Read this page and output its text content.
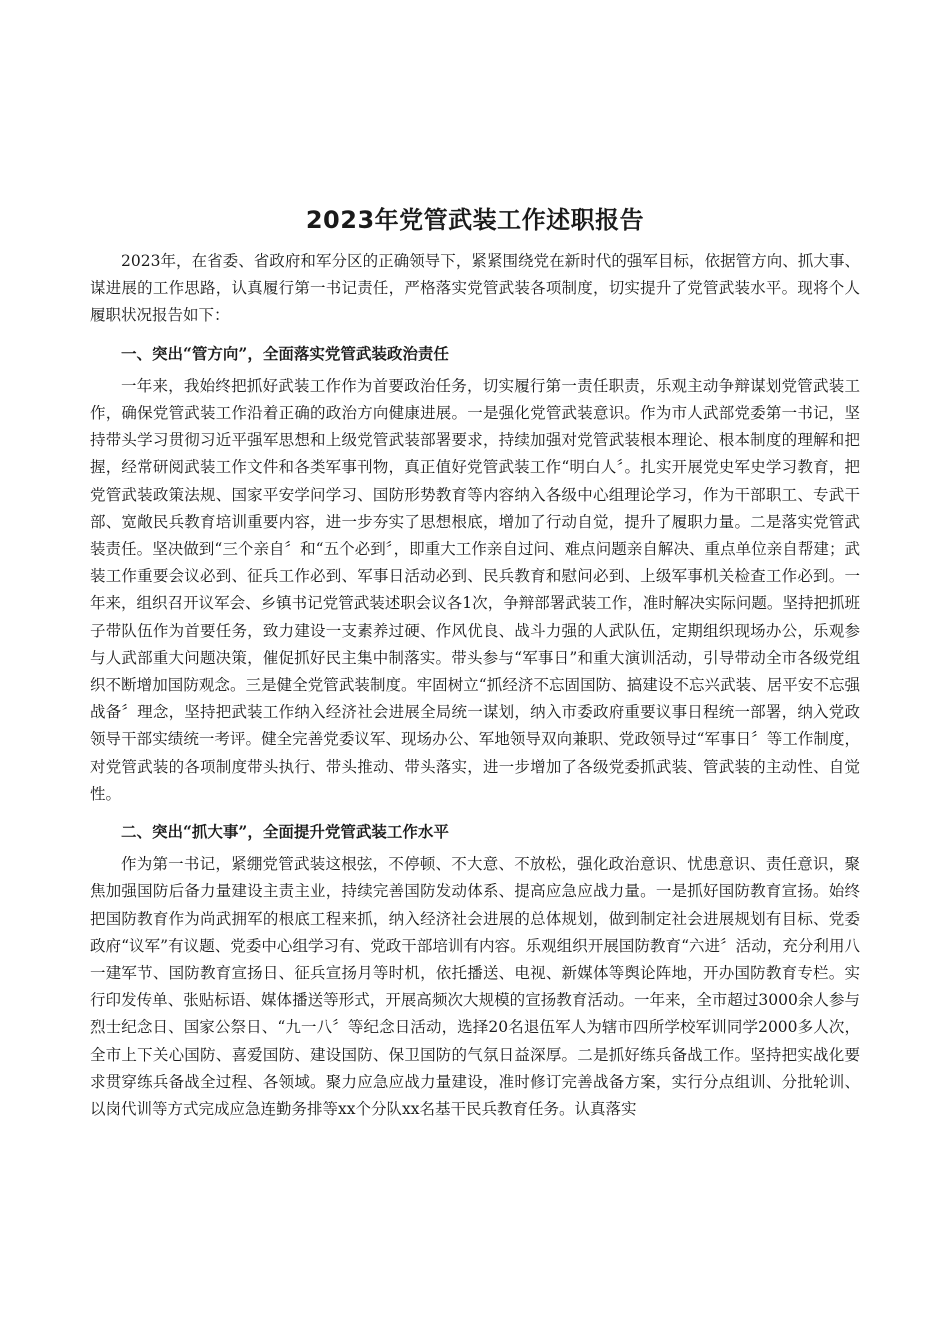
2023年党管武装工作述职报告

2023年，在省委、省政府和军分区的正确领导下，紧紧围绕党在新时代的强军目标，依据管方向、抓大事、谋进展的工作思路，认真履行第一书记责任，严格落实党管武装各项制度，切实提升了党管武装水平。现将个人履职状况报告如下：

一、突出“管方向”，全面落实党管武装政治责任

一年来，我始终把抓好武装工作作为首要政治任务，切实履行第一责任职责，乐观主动争辩谋划党管武装工作，确保党管武装工作沿着正确的政治方向健康进展。一是强化党管武装意识。作为市人武部党委第一书记，坚持带头学习贯彻习近平强军思想和上级党管武装部署要求，持续加强对党管武装根本理论、根本制度的理解和把握，经常研阅武装工作文件和各类军事刊物，真正值好党管武装工作“明白人〞。扎实开展党史军史学习教育，把党管武装政策法规、国家平安学问学习、国防形势教育等内容纳入各级中心组理论学习，作为干部职工、专武干部、宽敞民兵教育培训重要内容，进一步夯实了思想根底，增加了行动自觉，提升了履职力量。二是落实党管武装责任。坚决做到“三个亲自〞和“五个必到〞，即重大工作亲自过问、难点问题亲自解决、重点单位亲自帮建；武装工作重要会议必到、征兵工作必到、军事日活动必到、民兵教育和慰问必到、上级军事机关检查工作必到。一年来，组织召开议军会、乡镇书记党管武装述职会议各1次，争辩部署武装工作，准时解决实际问题。坚持把抓班子带队伍作为首要任务，致力建设一支素养过硬、作风优良、战斗力强的人武队伍，定期组织现场办公，乐观参与人武部重大问题决策，催促抓好民主集中制落实。带头参与“军事日”和重大演训活动，引导带动全市各级党组织不断增加国防观念。三是健全党管武装制度。牢固树立“抓经济不忘固国防、搞建设不忘兴武装、居平安不忘强战备〞理念，坚持把武装工作纳入经济社会进展全局统一谋划，纳入市委政府重要议事日程统一部署，纳入党政领导干部实绩统一考评。健全完善党委议军、现场办公、军地领导双向兼职、党政领导过“军事日〞等工作制度，对党管武装的各项制度带头执行、带头推动、带头落实，进一步增加了各级党委抓武装、管武装的主动性、自觉性。

二、突出“抓大事”，全面提升党管武装工作水平

作为第一书记，紧绷党管武装这根弦，不停顿、不大意、不放松，强化政治意识、忧患意识、责任意识，聚焦加强国防后备力量建设主责主业，持续完善国防发动体系、提高应急应战力量。一是抓好国防教育宣扬。始终把国防教育作为尚武拥军的根底工程来抓，纳入经济社会进展的总体规划，做到制定社会进展规划有目标、党委政府“议军”有议题、党委中心组学习有、党政干部培训有内容。乐观组织开展国防教育“六进〞活动，充分利用八一建军节、国防教育宣扬日、征兵宣扬月等时机，依托播送、电视、新媒体等舆论阵地，开办国防教育专栏。实行印发传单、张贴标语、媒体播送等形式，开展高频次大规模的宣扬教育活动。一年来，全市超过3000余人参与烈士纪念日、国家公祭日、“九一八〞等纪念日活动，选择20名退伍军人为辖市四所学校军训同学2000多人次，全市上下关心国防、喜爱国防、建设国防、保卫国防的气氛日益深厚。二是抓好练兵备战工作。坚持把实战化要求贯穿练兵备战全过程、各领域。聚力应急应战力量建设，准时修订完善战备方案，实行分点组训、分批轮训、以岗代训等方式完成应急连勤务排等xx个分队xx名基干民兵教育任务。认真落实
